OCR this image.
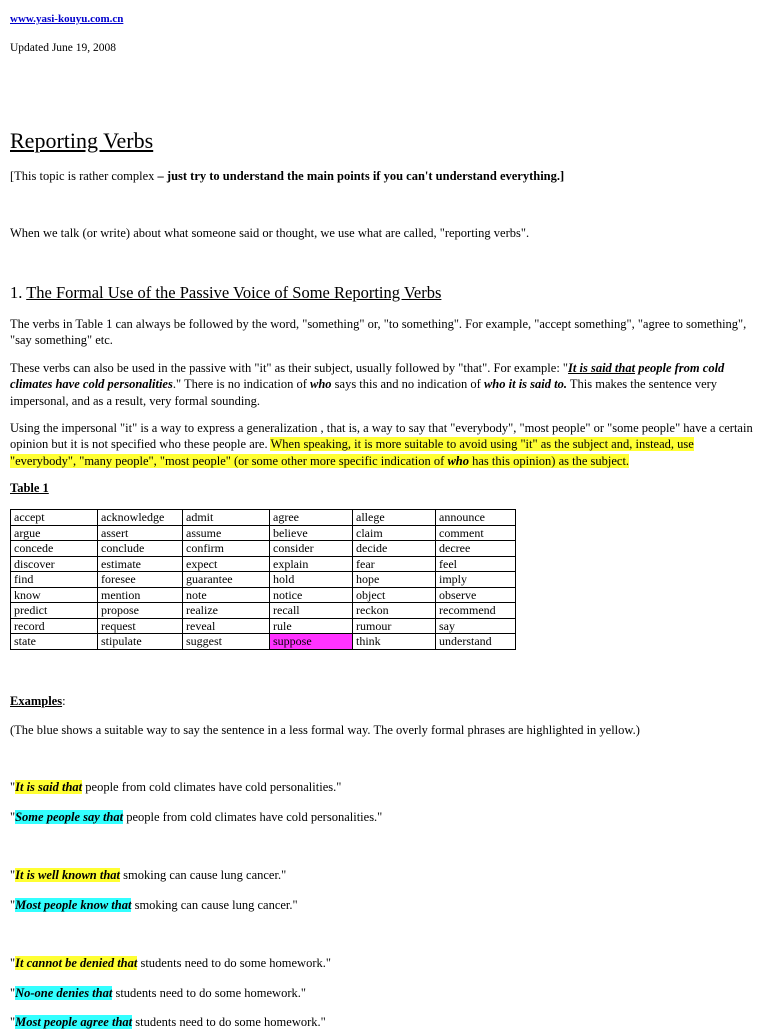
www.yasi-kouyu.com.cn
Updated June 19, 2008
Reporting Verbs

[This topic is rather complex – just try to understand the main points if you can't understand everything.]

When we talk (or write) about what someone said or thought, we use what are called, "reporting verbs".

1. The Formal Use of the Passive Voice of Some Reporting Verbs

The verbs in Table 1 can always be followed by the word, "something" or, "to something". For example, "accept something", "agree to something", "say something" etc.

These verbs can also be used in the passive with "it" as their subject, usually followed by "that". For example: "It is said that people from cold climates have cold personalities." There is no indication of who says this and no indication of who it is said to. This makes the sentence very impersonal, and as a result, very formal sounding.

Using the impersonal "it" is a way to express a generalization , that is, a way to say that "everybody", "most people" or "some people" have a certain opinion but it is not specified who these people are. When speaking, it is more suitable to avoid using "it" as the subject and, instead, use "everybody", "many people", "most people" (or some other more specific indication of who has this opinion) as the subject.

Table 1
accept	acknowledge	admit	agree	allege	announce
argue	assert	assume	believe	claim	comment
concede	conclude	confirm	consider	decide	decree
discover	estimate	expect	explain	fear	feel
find	foresee	guarantee	hold	hope	imply
know	mention	note	notice	object	observe
predict	propose	realize	recall	reckon	recommend
record	request	reveal	rule	rumour	say
state	stipulate	suggest	suppose	think	understand
Examples:

(The blue shows a suitable way to say the sentence in a less formal way. The overly formal phrases are highlighted in yellow.)

"It is said that people from cold climates have cold personalities."

"Some people say that people from cold climates have cold personalities."

"It is well known that smoking can cause lung cancer."

"Most people know that smoking can cause lung cancer."

"It cannot be denied that students need to do some homework."

"No-one denies that students need to do some homework."

"Most people agree that students need to do some homework."
